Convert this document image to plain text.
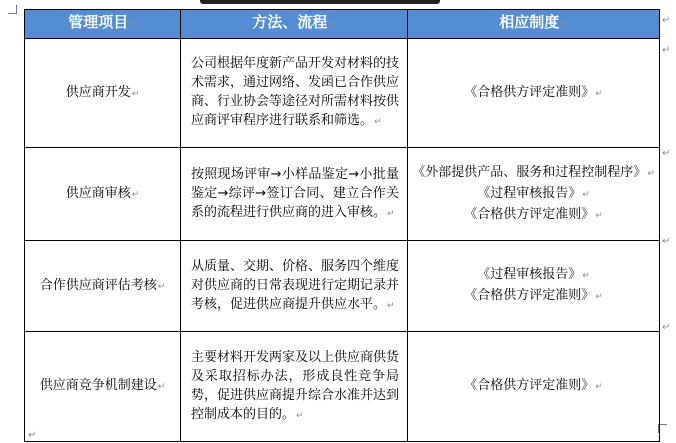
管理项目↵	方法、流程↵	相应制度↵
供应商开发↵	公司根据年度新产品开发对材料的技术需求，通过网络、发函已合作供应商、行业协会等途径对所需材料按供应商评审程序进行联系和筛选。↵	《合格供方评定准则》↵

供应商审核↵	按照现场评审→小样品鉴定→小批量鉴定→综评→签订合同、建立合作关系的流程进行供应商的进入审核。↵	《外部提供产品、服务和过程控制程序》↵
《过程审核报告》↵
《合格供方评定准则》↵

合作供应商评估考核↵	从质量、交期、价格、服务四个维度对供应商的日常表现进行定期记录并考核，促进供应商提升供应水平。↵	《过程审核报告》↵
《合格供方评定准则》↵

供应商竞争机制建设↵	主要材料开发两家及以上供应商供货及采取招标办法，形成良性竞争局势，促进供应商提升综合水准并达到控制成本的目的。↵	《合格供方评定准则》↵
↵
↵
↵
↵
↵
↵
